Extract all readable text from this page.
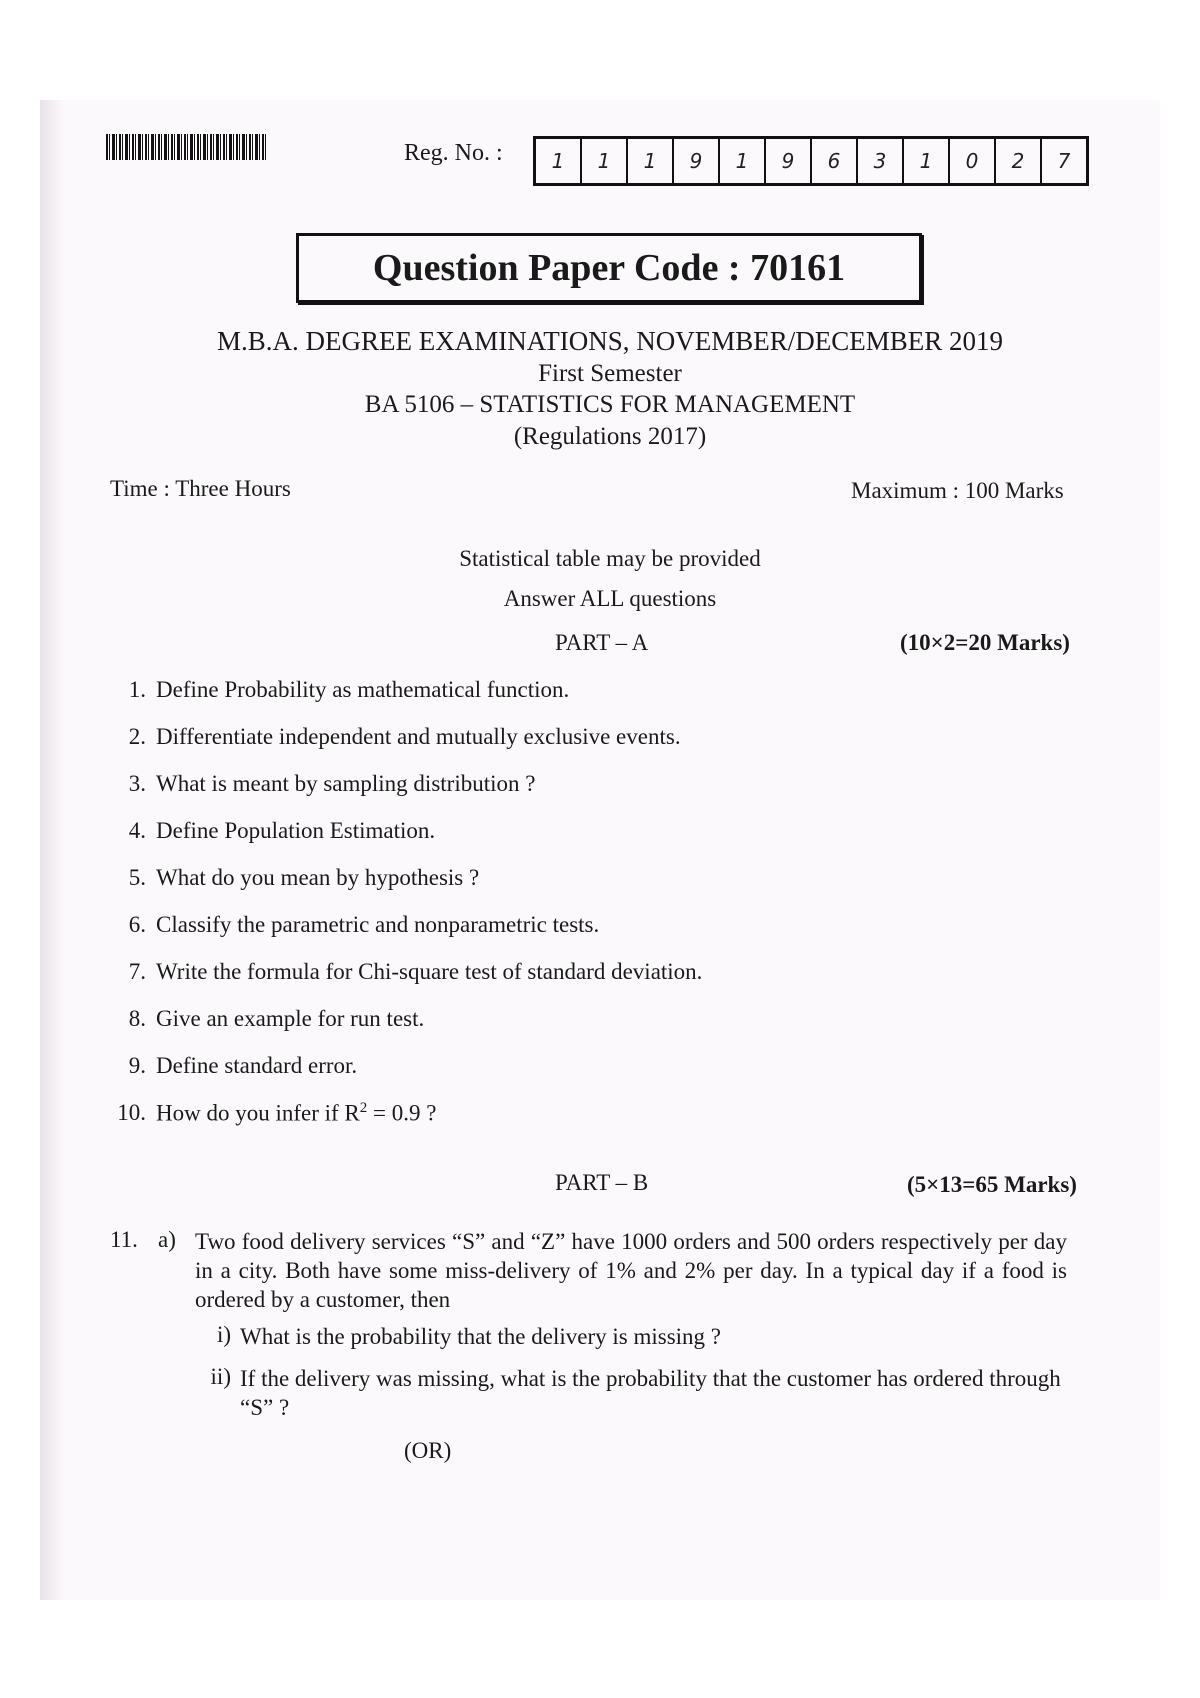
Reg. No. :	1	1	1	9	1	9	6	3	1	0	2	7
Question Paper Code : 70161
M.B.A. DEGREE EXAMINATIONS, NOVEMBER/DECEMBER 2019
First Semester
BA 5106 – STATISTICS FOR MANAGEMENT
(Regulations 2017)
Time : Three Hours	Maximum : 100 Marks
Statistical table may be provided
Answer ALL questions
PART – A	(10×2=20 Marks)
1. Define Probability as mathematical function.
2. Differentiate independent and mutually exclusive events.
3. What is meant by sampling distribution ?
4. Define Population Estimation.
5. What do you mean by hypothesis ?
6. Classify the parametric and nonparametric tests.
7. Write the formula for Chi-square test of standard deviation.
8. Give an example for run test.
9. Define standard error.
10. How do you infer if $R^2 = 0.9$ ?
PART – B	(5×13=65 Marks)
11. a) Two food delivery services “S” and “Z” have 1000 orders and 500 orders respectively per day in a city. Both have some miss-delivery of 1% and 2% per day. In a typical day if a food is ordered by a customer, then
i) What is the probability that the delivery is missing ?
ii) If the delivery was missing, what is the probability that the customer has ordered through “S” ?
(OR)
